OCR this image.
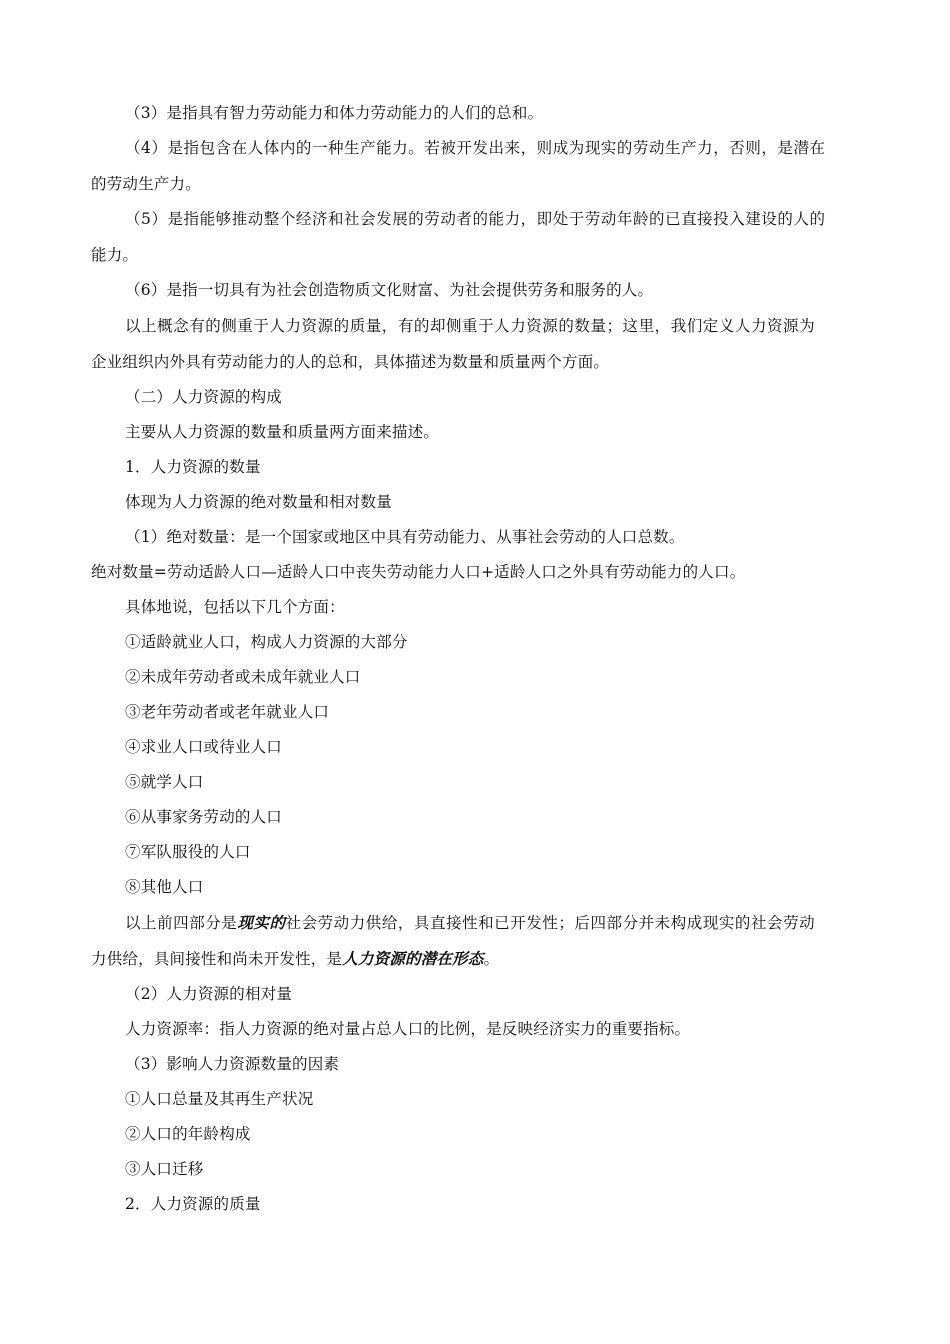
（3）是指具有智力劳动能力和体力劳动能力的人们的总和。
（4）是指包含在人体内的一种生产能力。若被开发出来，则成为现实的劳动生产力，否则，是潜在
的劳动生产力。
（5）是指能够推动整个经济和社会发展的劳动者的能力，即处于劳动年龄的已直接投入建设的人的
能力。
（6）是指一切具有为社会创造物质文化财富、为社会提供劳务和服务的人。
以上概念有的侧重于人力资源的质量，有的却侧重于人力资源的数量；这里，我们定义人力资源为
企业组织内外具有劳动能力的人的总和，具体描述为数量和质量两个方面。
（二）人力资源的构成
主要从人力资源的数量和质量两方面来描述。
1．人力资源的数量
体现为人力资源的绝对数量和相对数量
（1）绝对数量：是一个国家或地区中具有劳动能力、从事社会劳动的人口总数。
绝对数量=劳动适龄人口—适龄人口中丧失劳动能力人口+适龄人口之外具有劳动能力的人口。
具体地说，包括以下几个方面：
①适龄就业人口，构成人力资源的大部分
②未成年劳动者或未成年就业人口
③老年劳动者或老年就业人口
④求业人口或待业人口
⑤就学人口
⑥从事家务劳动的人口
⑦军队服役的人口
⑧其他人口
以上前四部分是现实的社会劳动力供给，具直接性和已开发性；后四部分并未构成现实的社会劳动
力供给，具间接性和尚未开发性，是人力资源的潜在形态。
（2）人力资源的相对量
人力资源率：指人力资源的绝对量占总人口的比例，是反映经济实力的重要指标。
（3）影响人力资源数量的因素
①人口总量及其再生产状况
②人口的年龄构成
③人口迁移
2．人力资源的质量
